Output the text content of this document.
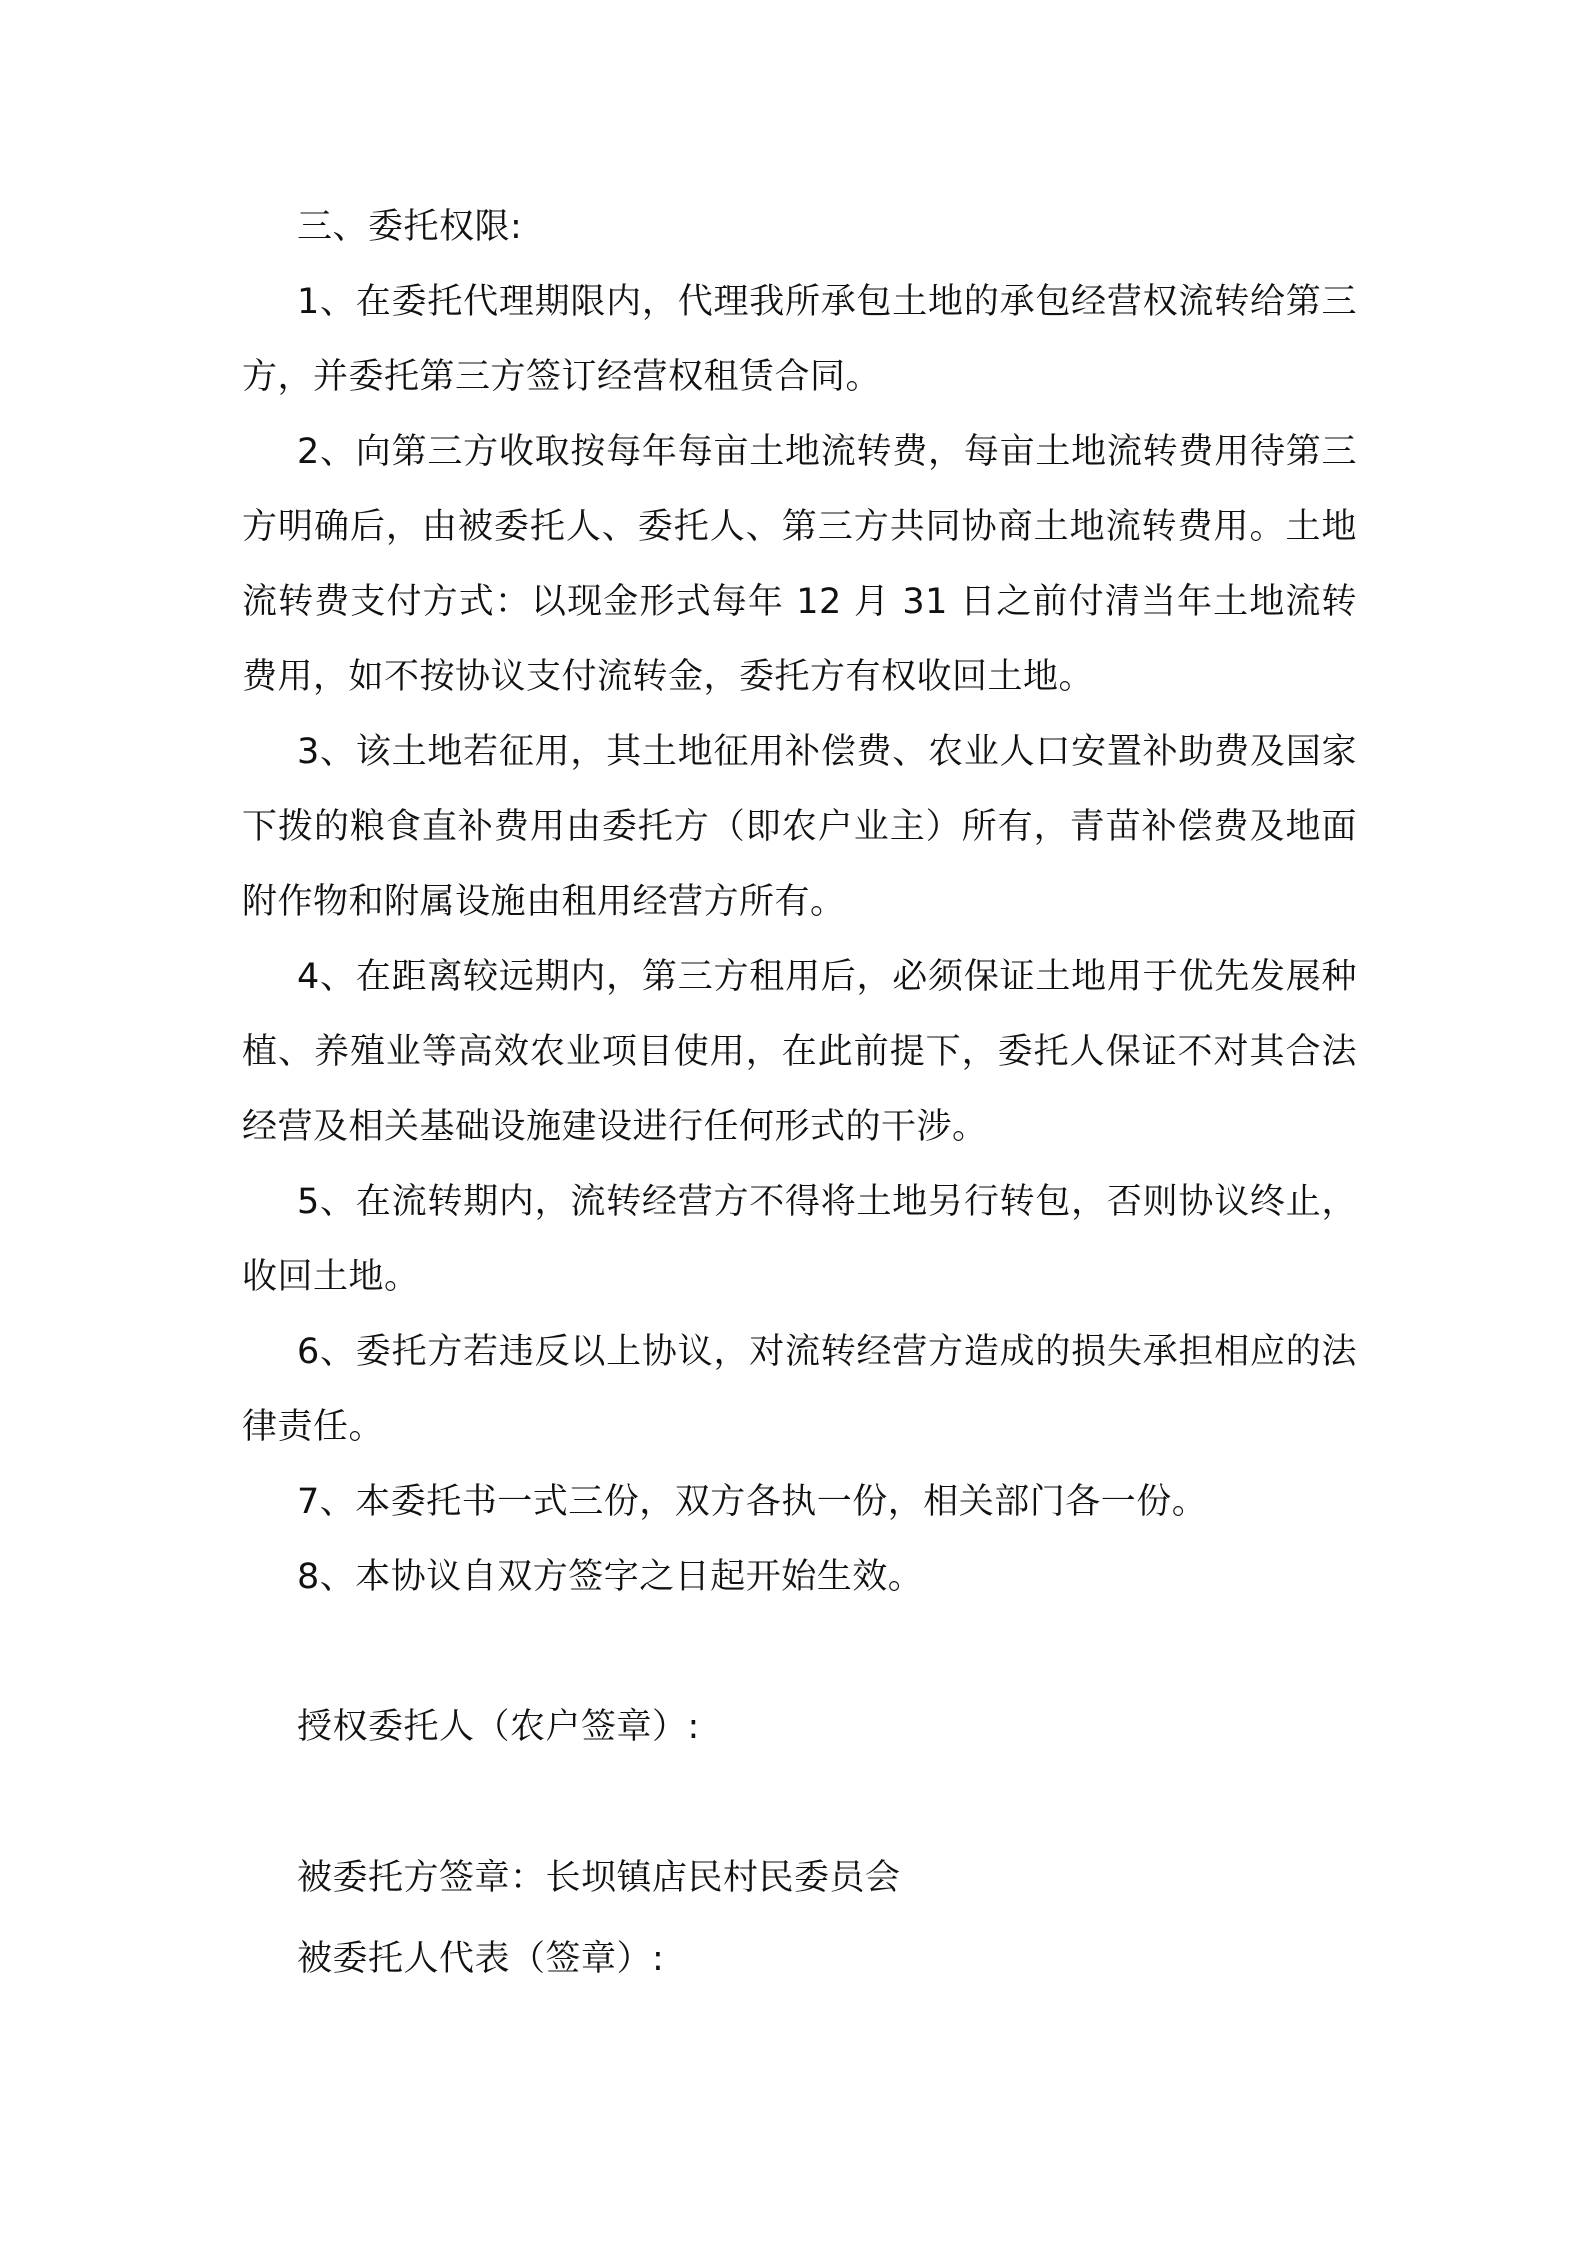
三、委托权限:

1、在委托代理期限内，代理我所承包土地的承包经营权流转给第三方，并委托第三方签订经营权租赁合同。

2、向第三方收取按每年每亩土地流转费，每亩土地流转费用待第三方明确后，由被委托人、委托人、第三方共同协商土地流转费用。土地流转费支付方式：以现金形式每年 12 月 31 日之前付清当年土地流转费用，如不按协议支付流转金，委托方有权收回土地。

3、该土地若征用，其土地征用补偿费、农业人口安置补助费及国家下拨的粮食直补费用由委托方（即农户业主）所有，青苗补偿费及地面附作物和附属设施由租用经营方所有。

4、在距离较远期内，第三方租用后，必须保证土地用于优先发展种植、养殖业等高效农业项目使用，在此前提下，委托人保证不对其合法经营及相关基础设施建设进行任何形式的干涉。

5、在流转期内，流转经营方不得将土地另行转包，否则协议终止，收回土地。

6、委托方若违反以上协议，对流转经营方造成的损失承担相应的法律责任。

7、本委托书一式三份，双方各执一份，相关部门各一份。

8、本协议自双方签字之日起开始生效。

授权委托人（农户签章）:
被委托方签章：长坝镇店民村民委员会
被委托人代表（签章）:
